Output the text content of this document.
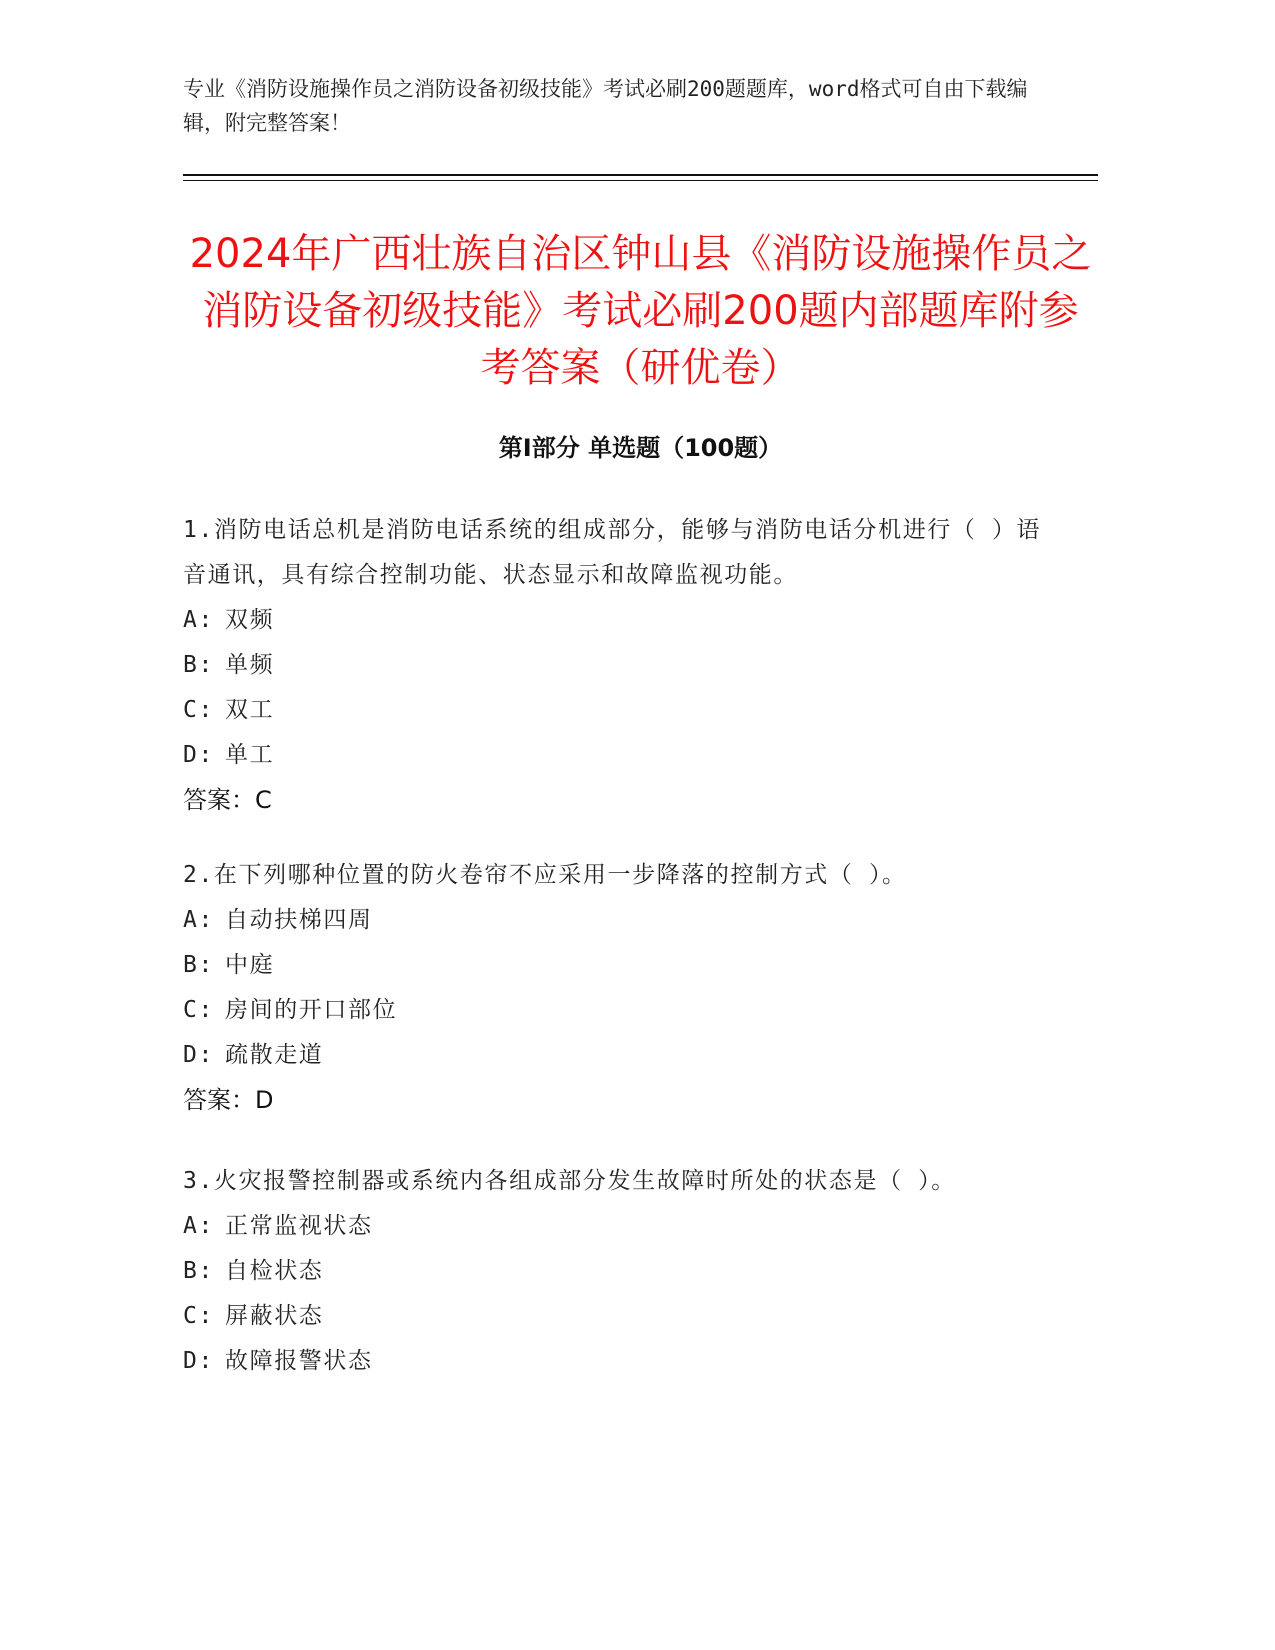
专业《消防设施操作员之消防设备初级技能》考试必刷200题题库，word格式可自由下载编辑，附完整答案！
2024年广西壮族自治区钟山县《消防设施操作员之消防设备初级技能》考试必刷200题内部题库附参考答案（研优卷）
第Ⅰ部分 单选题（100题）
1.消防电话总机是消防电话系统的组成部分，能够与消防电话分机进行（ ）语音通讯，具有综合控制功能、状态显示和故障监视功能。
A: 双频
B: 单频
C: 双工
D: 单工
答案：C
2.在下列哪种位置的防火卷帘不应采用一步降落的控制方式（ ）。
A: 自动扶梯四周
B: 中庭
C: 房间的开口部位
D: 疏散走道
答案：D
3.火灾报警控制器或系统内各组成部分发生故障时所处的状态是（ ）。
A: 正常监视状态
B: 自检状态
C: 屏蔽状态
D: 故障报警状态
